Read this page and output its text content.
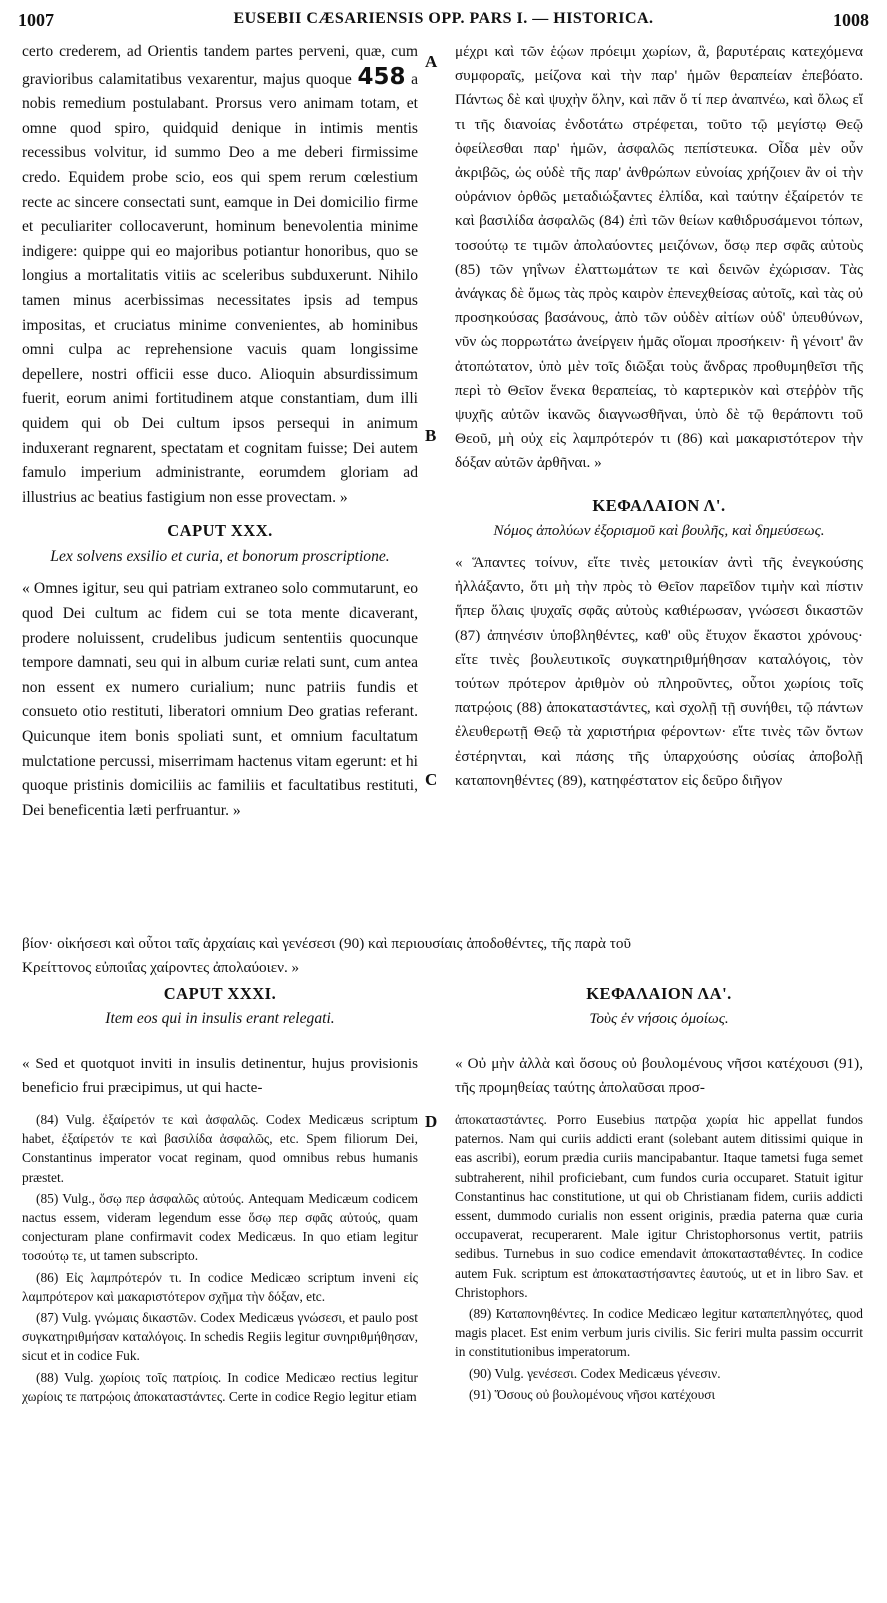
1007	EUSEBII CÆSARIENSIS OPP. PARS I. — HISTORICA.	1008
A
B
C
D

certo crederem, ad Orientis tandem partes perveni, quæ, cum gravioribus calamitatibus vexarentur, majus quoque 458 a nobis remedium postulabant. Prorsus vero animam totam, et omne quod spiro, quidquid denique in intimis mentis recessibus volvitur, id summo Deo a me deberi firmissime credo. Equidem probe scio, eos qui spem rerum cœlestium recte ac sincere consectati sunt, eamque in Dei domicilio firme et peculiariter collocaverunt, hominum benevolentia minime indigere: quippe qui eo majoribus potiantur honoribus, quo se longius a mortalitatis vitiis ac sceleribus subduxerunt. Nihilo tamen minus acerbissimas necessitates ipsis ad tempus impositas, et cruciatus minime convenientes, ab hominibus omni culpa ac reprehensione vacuis quam longissime depellere, nostri officii esse duco. Alioquin absurdissimum fuerit, eorum animi fortitudinem atque constantiam, dum illi quidem qui ob Dei cultum ipsos persequi in animum induxerant regnarent, spectatam et cognitam fuisse; Dei autem famulo imperium administrante, eorumdem gloriam ad illustrius ac beatius fastigium non esse provectam. »

CAPUT XXX.
Lex solvens exsilio et curia, et bonorum proscriptione.

« Omnes igitur, seu qui patriam extraneo solo commutarunt, eo quod Dei cultum ac fidem cui se tota mente dicaverant, prodere noluissent, crudelibus judicum sententiis quocunque tempore damnati, seu qui in album curiæ relati sunt, cum antea non essent ex numero curialium; nunc patriis fundis et consueto otio restituti, liberatori omnium Deo gratias referant. Quicunque item bonis spoliati sunt, et omnium facultatum mulctatione percussi, miserrimam hactenus vitam egerunt: et hi quoque pristinis domiciliis ac familiis et facultatibus restituti, Dei beneficentia læti perfruantur. »

μέχρι καὶ τῶν ἑῴων πρόειμι χωρίων, ἃ, βαρυτέραις κατεχόμενα συμφοραῖς, μείζονα καὶ τὴν παρ' ἡμῶν θεραπείαν ἐπεβόατο. Πάντως δὲ καὶ ψυχὴν ὅλην, καὶ πᾶν ὅ τί περ ἀναπνέω, καὶ ὅλως εἴ τι τῆς διανοίας ἐνδοτάτω στρέφεται, τοῦτο τῷ μεγίστῳ Θεῷ ὀφείλεσθαι παρ' ἡμῶν, ἀσφαλῶς πεπίστευκα. Οἶδα μὲν οὖν ἀκριβῶς, ὡς οὐδὲ τῆς παρ' ἀνθρώπων εὐνοίας χρήζοιεν ἂν οἱ τὴν οὐράνιον ὀρθῶς μεταδιώξαντες ἐλπίδα, καὶ ταύτην ἐξαίρετόν τε καὶ βασιλίδα ἀσφαλῶς (84) ἐπὶ τῶν θείων καθιδρυσάμενοι τόπων, τοσούτῳ τε τιμῶν ἀπολαύοντες μειζόνων, ὅσῳ περ σφᾶς αὐτοὺς (85) τῶν γηΐνων ἐλαττωμάτων τε καὶ δεινῶν ἐχώρισαν. Τὰς ἀνάγκας δὲ ὅμως τὰς πρὸς καιρὸν ἐπενεχθείσας αὐτοῖς, καὶ τὰς οὐ προσηκούσας βασάνους, ἀπὸ τῶν οὐδὲν αἰτίων οὐδ' ὑπευθύνων, νῦν ὡς πορρωτάτω ἀνείργειν ἡμᾶς οἴομαι προσήκειν· ἢ γένοιτ' ἂν ἀτοπώτατον, ὑπὸ μὲν τοῖς διῶξαι τοὺς ἄνδρας προθυμηθεῖσι τῆς περὶ τὸ Θεῖον ἕνεκα θεραπείας, τὸ καρτερικὸν καὶ στεῤῥὸν τῆς ψυχῆς αὐτῶν ἱκανῶς διαγνωσθῆναι, ὑπὸ δὲ τῷ θεράποντι τοῦ Θεοῦ, μὴ οὐχ εἰς λαμπρότερόν τι (86) καὶ μακαριστότερον τὴν δόξαν αὐτῶν ἀρθῆναι. »

ΚΕΦΑΛΑΙΟΝ Λ'.
Νόμος ἀπολύων ἐξορισμοῦ καὶ βουλῆς, καὶ δημεύσεως.

« Ἅπαντες τοίνυν, εἴτε τινὲς μετοικίαν ἀντὶ τῆς ἐνεγκούσης ἠλλάξαντο, ὅτι μὴ τὴν πρὸς τὸ Θεῖον παρεῖδον τιμὴν καὶ πίστιν ἥπερ ὅλαις ψυχαῖς σφᾶς αὐτοὺς καθιέρωσαν, γνώσεσι δικαστῶν (87) ἀπηνέσιν ὑποβληθέντες, καθ' οὓς ἔτυχον ἕκαστοι χρόνους· εἴτε τινὲς βουλευτικοῖς συγκατηριθμήθησαν καταλόγοις, τὸν τούτων πρότερον ἀριθμὸν οὐ πληροῦντες, οὗτοι χωρίοις τοῖς πατρῴοις (88) ἀποκαταστάντες, καὶ σχολῇ τῇ συνήθει, τῷ πάντων ἐλευθερωτῇ Θεῷ τὰ χαριστήρια φέροντων· εἴτε τινὲς τῶν ὄντων ἐστέρηνται, καὶ πάσης τῆς ὑπαρχούσης οὐσίας ἀποβολῇ καταπονηθέντες (89), κατηφέστατον εἰς δεῦρο διῆγον

βίον· οἰκήσεσι καὶ οὗτοι ταῖς ἀρχαίαις καὶ γενέσεσι (90) καὶ περιουσίαις ἀποδοθέντες, τῆς παρὰ τοῦ

Κρείττονος εὐποιΐας χαίροντες ἀπολαύοιεν. »

CAPUT XXXI.
Item eos qui in insulis erant relegati.
ΚΕΦΑΛΑΙΟΝ ΛΑ'.
Τοὺς ἐν νήσοις ὁμοίως.
« Sed et quotquot inviti in insulis detinentur, hujus provisionis beneficio frui præcipimus, ut qui hacte-
« Οὐ μὴν ἀλλὰ καὶ ὅσους οὐ βουλομένους νῆσοι κατέχουσι (91), τῆς προμηθείας ταύτης ἀπολαῦσαι προσ-

(84) Vulg. ἐξαίρετόν τε καὶ ἀσφαλῶς. Codex Medicæus scriptum habet, ἐξαίρετόν τε καὶ βασιλίδα ἀσφαλῶς, etc. Spem filiorum Dei, Constantinus imperator vocat reginam, quod omnibus rebus humanis præstet.

(85) Vulg., ὅσῳ περ ἀσφαλῶς αὐτούς. Antequam Medicæum codicem nactus essem, videram legendum esse ὅσῳ περ σφᾶς αὐτούς, quam conjecturam plane confirmavit codex Medicæus. In quo etiam legitur τοσούτῳ τε, ut tamen subscripto.

(86) Εἰς λαμπρότερόν τι. In codice Medicæo scriptum inveni εἰς λαμπρότερον καὶ μακαριστότερον σχῆμα τὴν δόξαν, etc.

(87) Vulg. γνώμαις δικαστῶν. Codex Medicæus γνώσεσι, et paulo post συγκατηριθμήσαν καταλόγοις. In schedis Regiis legitur συνηριθμήθησαν, sicut et in codice Fuk.

(88) Vulg. χωρίοις τοῖς πατρίοις. In codice Medicæo rectius legitur χωρίοις τε πατρῴοις ἀποκαταστάντες. Certe in codice Regio legitur etiam

ἀποκαταστάντες. Porro Eusebius πατρῷα χωρία hic appellat fundos paternos. Nam qui curiis addicti erant (solebant autem ditissimi quique in eas ascribi), eorum prædia curiis mancipabantur. Itaque tametsi fuga semet subtraherent, nihil proficiebant, cum fundos curia occuparet. Statuit igitur Constantinus hac constitutione, ut qui ob Christianam fidem, curiis addicti essent, dummodo curialis non essent originis, prædia paterna quæ curia occupaverat, recuperarent. Male igitur Christophorsonus vertit, patriis sedibus. Turnebus in suo codice emendavit ἀποκατασταθέντες. In codice autem Fuk. scriptum est ἀποκαταστήσαντες ἑαυτούς, ut et in libro Sav. et Christophors.

(89) Καταπονηθέντες. In codice Medicæo legitur καταπεπληγότες, quod magis placet. Est enim verbum juris civilis. Sic feriri multa passim occurrit in constitutionibus imperatorum.

(90) Vulg. γενέσεσι. Codex Medicæus γένεσιν.

(91) Ὅσους οὐ βουλομένους νῆσοι κατέχουσι
